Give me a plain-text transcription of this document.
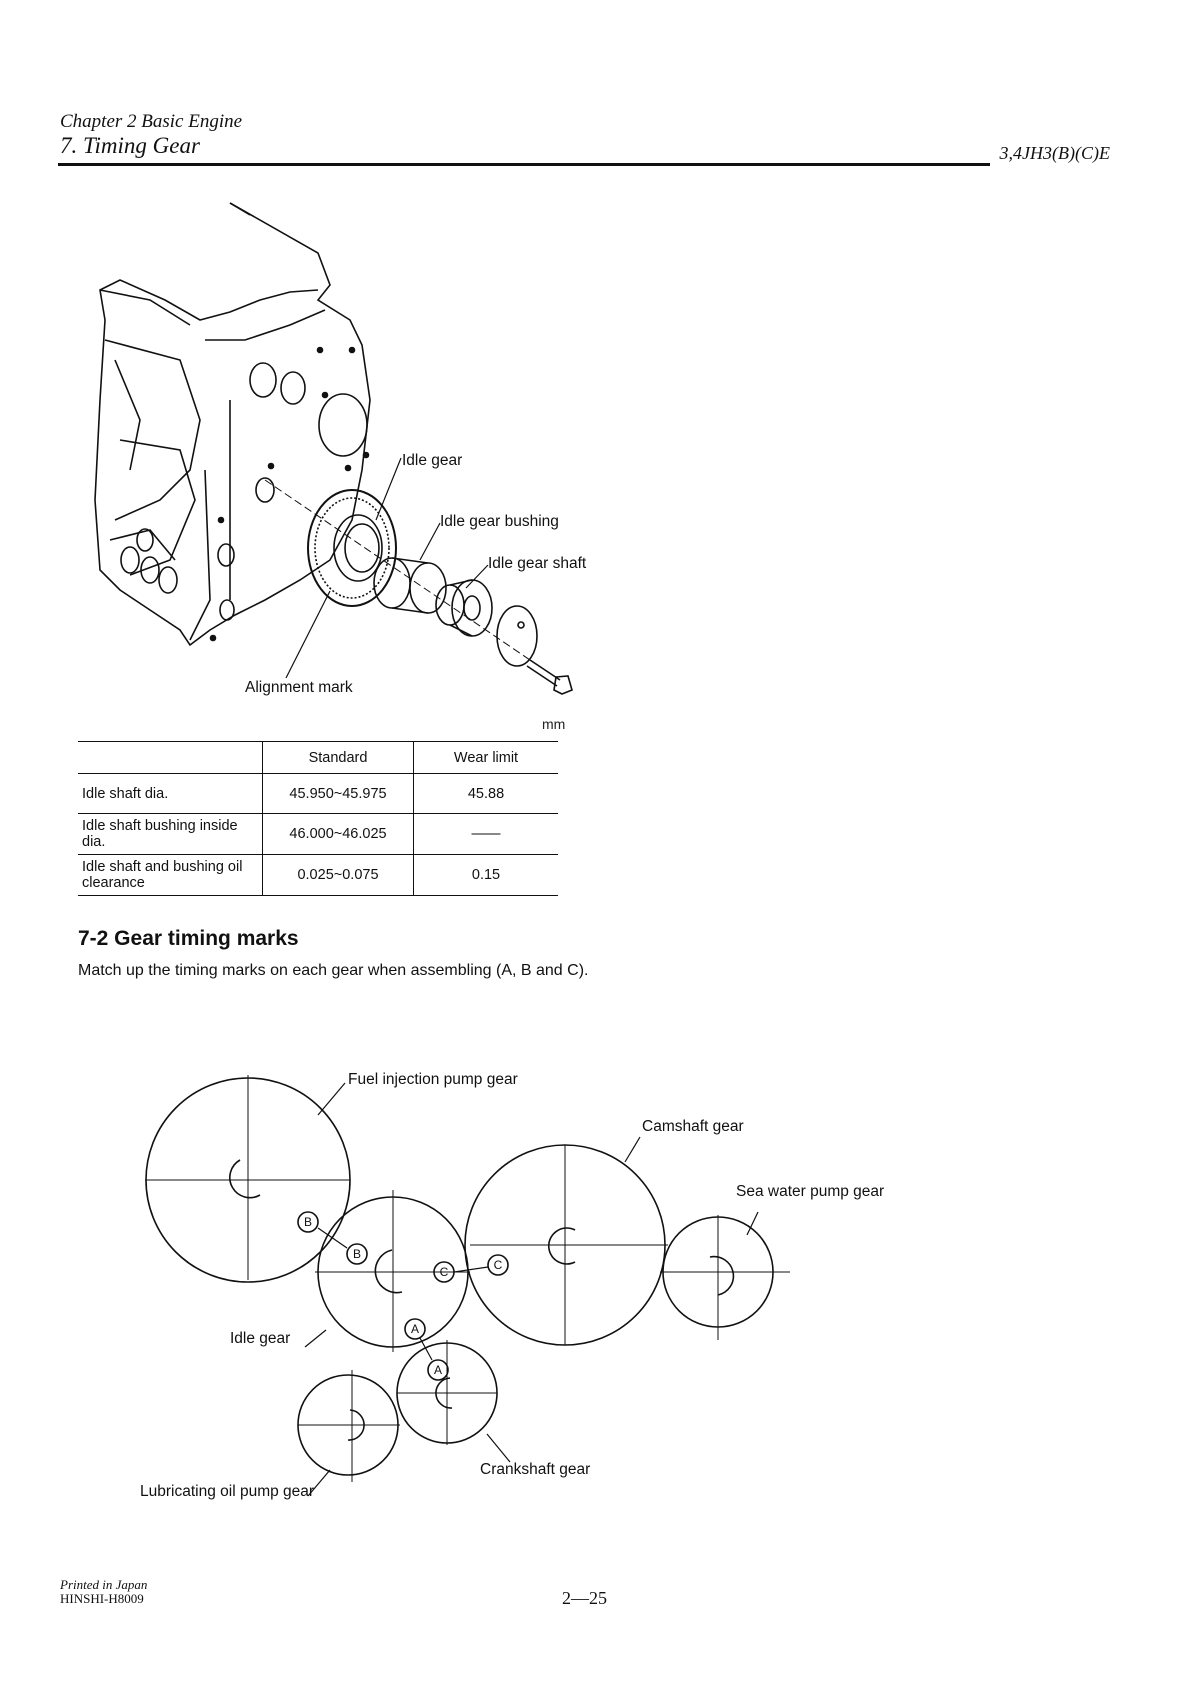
Chapter 2 Basic Engine
7. Timing Gear	3,4JH3(B)(C)E
Idle gear
Idle gear bushing
Idle gear shaft
Alignment mark
mm
	Standard	Wear limit
Idle shaft dia.	45.950~45.975	45.88
Idle shaft bushing inside dia.	46.000~46.025	——
Idle shaft and bushing oil clearance	0.025~0.075	0.15
7-2 Gear timing marks
Match up the timing marks on each gear when assembling (A, B and C).
B
B
C	C
A
A
Fuel injection pump gear
Camshaft gear
Sea water pump gear
Idle gear
Crankshaft gear
Lubricating oil pump gear
Printed in Japan
HINSHI-H8009	2—25
